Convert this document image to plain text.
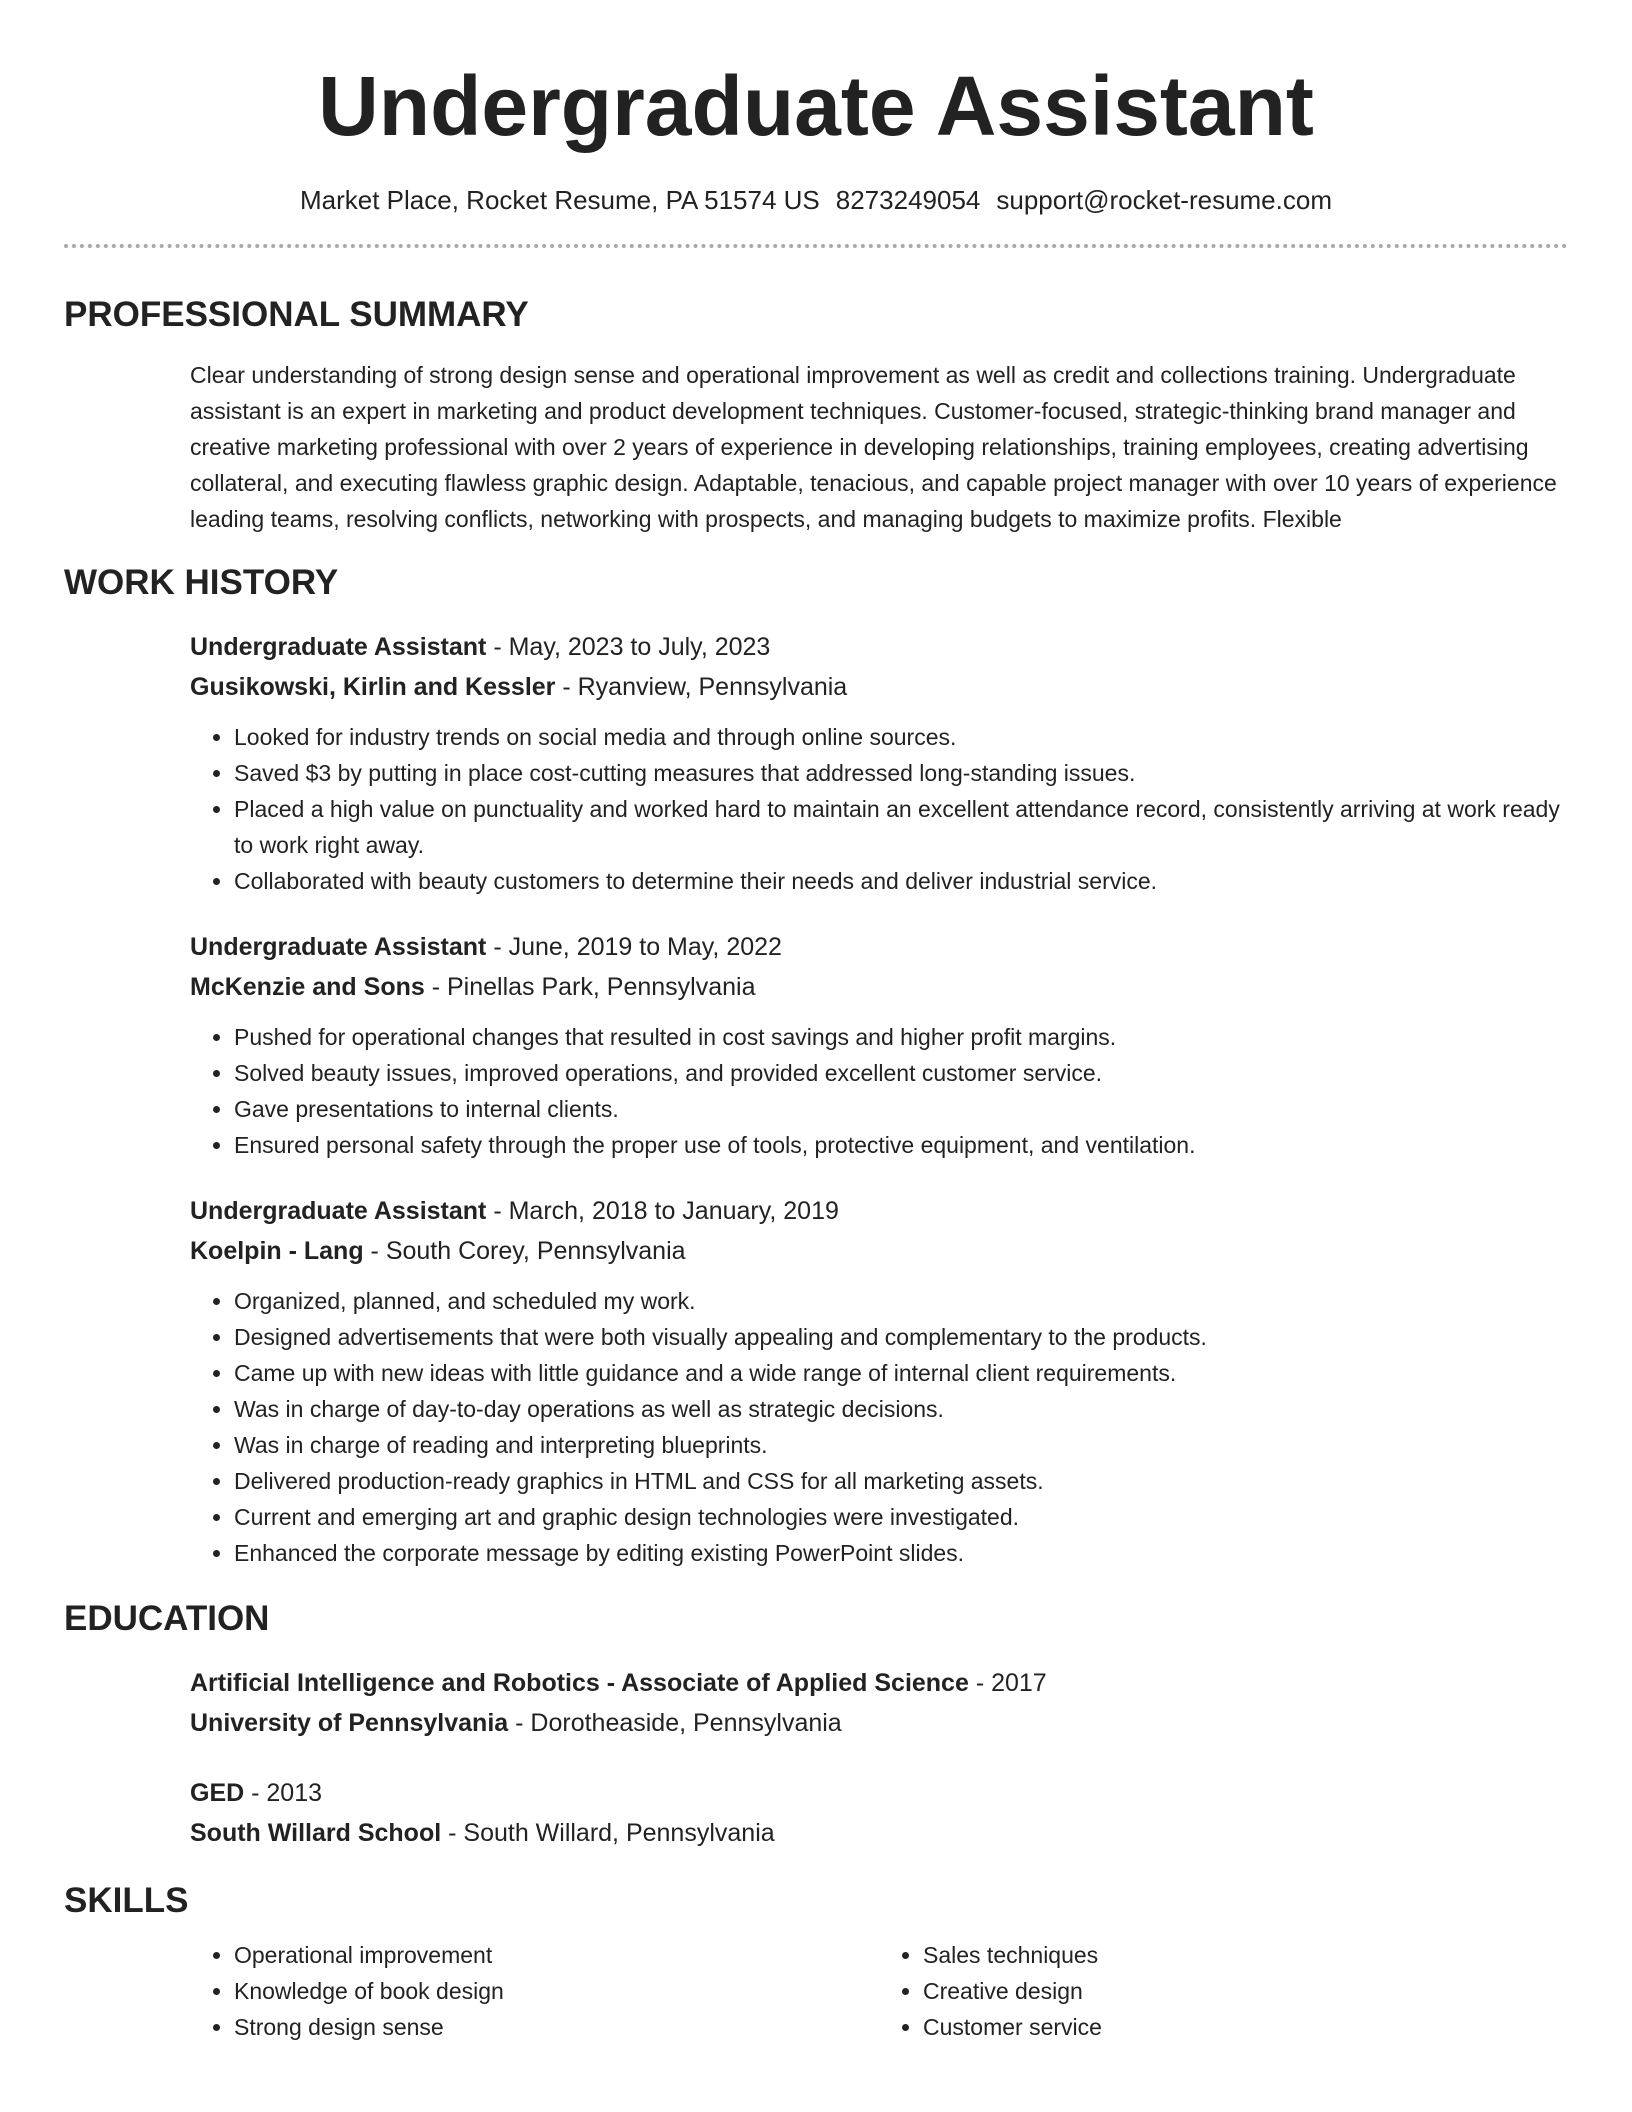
Undergraduate Assistant
Market Place, Rocket Resume, PA 51574 US 8273249054 support@rocket-resume.com
PROFESSIONAL SUMMARY
Clear understanding of strong design sense and operational improvement as well as credit and collections training. Undergraduate assistant is an expert in marketing and product development techniques. Customer-focused, strategic-thinking brand manager and creative marketing professional with over 2 years of experience in developing relationships, training employees, creating advertising collateral, and executing flawless graphic design. Adaptable, tenacious, and capable project manager with over 10 years of experience leading teams, resolving conflicts, networking with prospects, and managing budgets to maximize profits. Flexible
WORK HISTORY
Undergraduate Assistant - May, 2023 to July, 2023
Gusikowski, Kirlin and Kessler - Ryanview, Pennsylvania
• Looked for industry trends on social media and through online sources.
• Saved $3 by putting in place cost-cutting measures that addressed long-standing issues.
• Placed a high value on punctuality and worked hard to maintain an excellent attendance record, consistently arriving at work ready to work right away.
• Collaborated with beauty customers to determine their needs and deliver industrial service.
Undergraduate Assistant - June, 2019 to May, 2022
McKenzie and Sons - Pinellas Park, Pennsylvania
• Pushed for operational changes that resulted in cost savings and higher profit margins.
• Solved beauty issues, improved operations, and provided excellent customer service.
• Gave presentations to internal clients.
• Ensured personal safety through the proper use of tools, protective equipment, and ventilation.
Undergraduate Assistant - March, 2018 to January, 2019
Koelpin - Lang - South Corey, Pennsylvania
• Organized, planned, and scheduled my work.
• Designed advertisements that were both visually appealing and complementary to the products.
• Came up with new ideas with little guidance and a wide range of internal client requirements.
• Was in charge of day-to-day operations as well as strategic decisions.
• Was in charge of reading and interpreting blueprints.
• Delivered production-ready graphics in HTML and CSS for all marketing assets.
• Current and emerging art and graphic design technologies were investigated.
• Enhanced the corporate message by editing existing PowerPoint slides.
EDUCATION
Artificial Intelligence and Robotics - Associate of Applied Science - 2017
University of Pennsylvania - Dorotheaside, Pennsylvania
GED - 2013
South Willard School - South Willard, Pennsylvania
SKILLS
• Operational improvement
• Knowledge of book design
• Strong design sense
• Sales techniques
• Creative design
• Customer service
